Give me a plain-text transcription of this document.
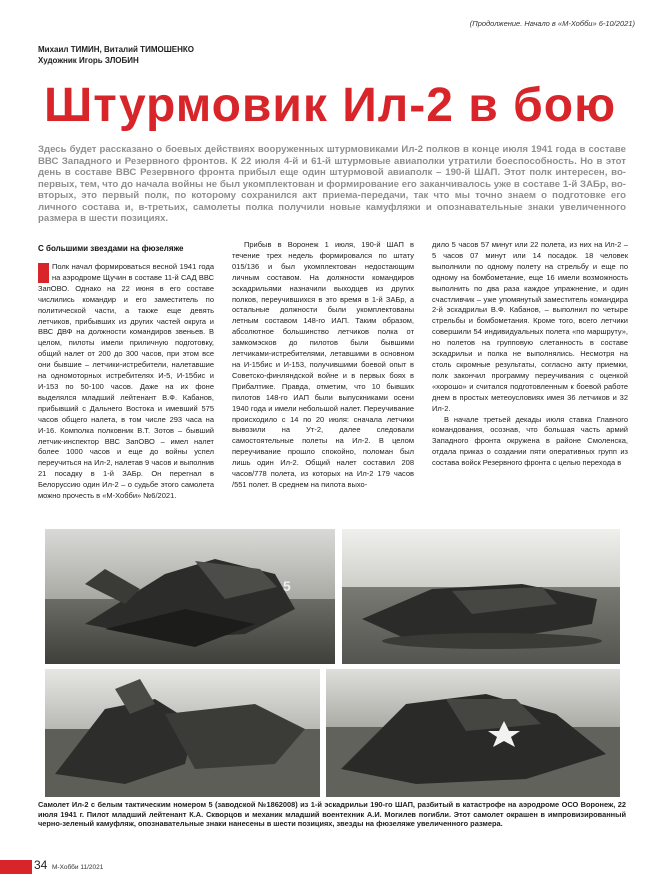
(Продолжение. Начало в «М-Хобби» 6-10/2021)
Михаил ТИМИН, Виталий ТИМОШЕНКО
Художник Игорь ЗЛОБИН
Штурмовик Ил-2 в бою
Здесь будет рассказано о боевых действиях вооруженных штурмовиками Ил-2 полков в конце июля 1941 года в составе ВВС Западного и Резервного фронтов. К 22 июля 4-й и 61-й штурмовые авиаполки утратили боеспособность. Но в этот день в составе ВВС Резервного фронта прибыл еще один штурмовой авиаполк – 190-й ШАП. Этот полк интересен, во-первых, тем, что до начала войны не был укомплектован и формирование его заканчивалось уже в составе 1-й ЗАБр, во-вторых, это первый полк, по которому сохранился акт приема-передачи, так что мы точно знаем о подготовке его личного состава и, в-третьих, самолеты полка получили новые камуфляжи и опознавательные знаки увеличенного размера в шести позициях.
С большими звездами на фюзеляже

Полк начал формироваться весной 1941 года на аэродроме Щучин в составе 11-й САД ВВС ЗапОВО. Однако на 22 июня в его составе числились командир и его заместитель по политической части, а также еще девять летчиков, прибывших из других частей округа и ВВС ДВФ на должности командиров звеньев. В целом, пилоты имели приличную подготовку, общий налет от 200 до 300 часов, при этом все они бывшие – летчики-истребители, налетавшие на одномоторных истребителях И-5, И-15бис и И-153 по 50-100 часов. Даже на их фоне выделялся младший лейтенант В.Ф. Кабанов, прибывший с Дальнего Востока и имевший 575 часов общего налета, в том числе 293 часа на И-16. Комполка полковник В.Т. Зотов – бывший летчик-инспектор ВВС ЗапОВО – имел налет более 1000 часов и еще до войны успел переучиться на Ил-2, налетав 9 часов и выполнив 21 посадку в 1-й ЗАБр. Он перегнал в Белоруссию один Ил-2 – о судьбе этого самолета можно прочесть в «М-Хобби» №6/2021.

Прибыв в Воронеж 1 июля, 190-й ШАП в течение трех недель формировался по штату 015/136 и был укомплектован недостающим личным составом. На должности командиров эскадрильями назначили выходцев из других полков, переучившихся в это время в 1-й ЗАБр, а остальные должности были укомплектованы летным составом 148-го ИАП. Таким образом, абсолютное большинство летчиков полка от замкомэсков до пилотов были бывшими летчиками-истребителями, летавшими в основном на И-15бис и И-153, получившими боевой опыт в Советско-финляндской войне и в первых боях в Прибалтике. Правда, отметим, что 10 бывших пилотов 148-го ИАП были выпускниками осени 1940 года и имели небольшой налет. Переучивание происходило с 14 по 20 июля: сначала летчики вывозили на Ут-2, далее следовали самостоятельные полеты на Ил-2. В целом переучивание прошло спокойно, поломан был лишь один Ил-2. Общий налет составил 208 часов/778 полета, из которых на Ил-2 179 часов /551 полет. В среднем на пилота выхо-

дило 5 часов 57 минут или 22 полета, из них на Ил-2 – 5 часов 07 минут или 14 посадок. 18 человек выполнили по одному полету на стрельбу и еще по одному на бомбометание, еще 16 имели возможность выполнить по два раза каждое упражнение, и один счастливчик – уже упомянутый заместитель командира 2-й эскадрильи В.Ф. Кабанов, – выполнил по четыре стрельбы и бомбометания. Кроме того, всего летчики совершили 54 индивидуальных полета «по маршруту», но полетов на групповую слетанность в составе эскадрильи и полка не выполнялись. Несмотря на столь скромные результаты, согласно акту приемки, полк закончил программу переучивания с оценкой «хорошо» и считался подготовленным к боевой работе днем в простых метеоусловиях имея 36 летчиков и 32 Ил-2.

В начале третьей декады июля ставка Главного командования, осознав, что большая часть армий Западного фронта окружена в районе Смоленска, отдала приказ о создании пяти оперативных групп из состава войск Резервного фронта с целью перехода в

5
Самолет Ил-2 с белым тактическим номером 5 (заводской №1862008) из 1-й эскадрильи 190-го ШАП, разбитый в катастрофе на аэродроме ОСО Воронеж, 22 июля 1941 г. Пилот младший лейтенант К.А. Скворцов и механик младший воентехник А.И. Могилев погибли. Этот самолет окрашен в импровизированный черно-зеленый камуфляж, опознавательные знаки нанесены в шести позициях, звезды на фюзеляже увеличенного размера.
34 М-Хобби 11/2021
